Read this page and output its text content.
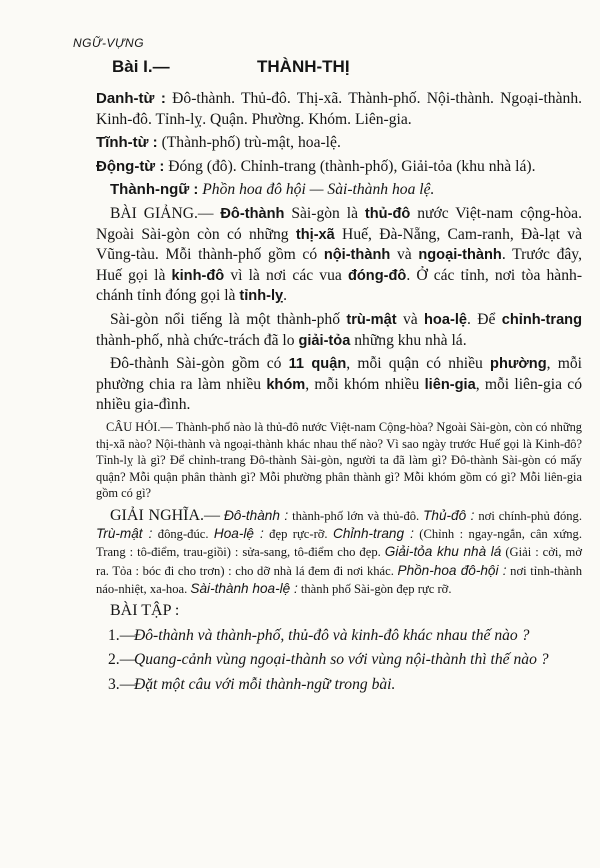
NGỮ-VỰNG
Bài I.—	THÀNH-THỊ

Danh-từ : Đô-thành. Thủ-đô. Thị-xã. Thành-phố. Nội-thành. Ngoại-thành. Kinh-đô. Tỉnh-lỵ. Quận. Phường. Khóm. Liên-gia.

Tĩnh-từ : (Thành-phố) trù-mật, hoa-lệ.

Động-từ : Đóng (đô). Chỉnh-trang (thành-phố), Giải-tỏa (khu nhà lá).

Thành-ngữ : Phồn hoa đô hội — Sài-thành hoa lệ.

BÀI GIẢNG.— Đô-thành Sài-gòn là thủ-đô nước Việt-nam cộng-hòa. Ngoài Sài-gòn còn có những thị-xã Huế, Đà-Nẵng, Cam-ranh, Đà-lạt và Vũng-tàu. Mỗi thành-phố gồm có nội-thành và ngoại-thành. Trước đây, Huế gọi là kinh-đô vì là nơi các vua đóng-đô. Ở các tỉnh, nơi tòa hành-chánh tỉnh đóng gọi là tỉnh-lỵ.

Sài-gòn nổi tiếng là một thành-phố trù-mật và hoa-lệ. Để chỉnh-trang thành-phố, nhà chức-trách đã lo giải-tỏa những khu nhà lá.

Đô-thành Sài-gòn gồm có 11 quận, mỗi quận có nhiều phường, mỗi phường chia ra làm nhiều khóm, mỗi khóm nhiều liên-gia, mỗi liên-gia có nhiều gia-đình.

CÂU HỎI.— Thành-phố nào là thủ-đô nước Việt-nam Cộng-hòa? Ngoài Sài-gòn, còn có những thị-xã nào? Nội-thành và ngoại-thành khác nhau thế nào? Vì sao ngày trước Huế gọi là Kinh-đô? Tỉnh-lỵ là gì? Để chỉnh-trang Đô-thành Sài-gòn, người ta đã làm gì? Đô-thành Sài-gòn có mấy quận? Mỗi quận phân thành gì? Mỗi phường phân thành gì? Mỗi khóm gồm có gì? Mỗi liên-gia gồm có gì?

GIẢI NGHĨA.— Đô-thành : thành-phố lớn và thủ-đô. Thủ-đô : nơi chính-phủ đóng. Trù-mật : đông-đúc. Hoa-lệ : đẹp rực-rỡ. Chỉnh-trang : (Chỉnh : ngay-ngắn, cân xứng. Trang : tô-điểm, trau-giồi) : sửa-sang, tô-điểm cho đẹp. Giải-tỏa khu nhà lá (Giải : cởi, mở ra. Tỏa : bóc đi cho trơn) : cho dỡ nhà lá đem đi nơi khác. Phồn-hoa đô-hội : nơi tỉnh-thành náo-nhiệt, xa-hoa. Sài-thành hoa-lệ : thành phố Sài-gòn đẹp rực rỡ.

BÀI TẬP :

1.—
Đô-thành và thành-phố, thủ-đô và kinh-đô khác nhau thế nào ?
2.—
Quang-cảnh vùng ngoại-thành so với vùng nội-thành thì thế nào ?
3.—
Đặt một câu với mỗi thành-ngữ trong bài.
